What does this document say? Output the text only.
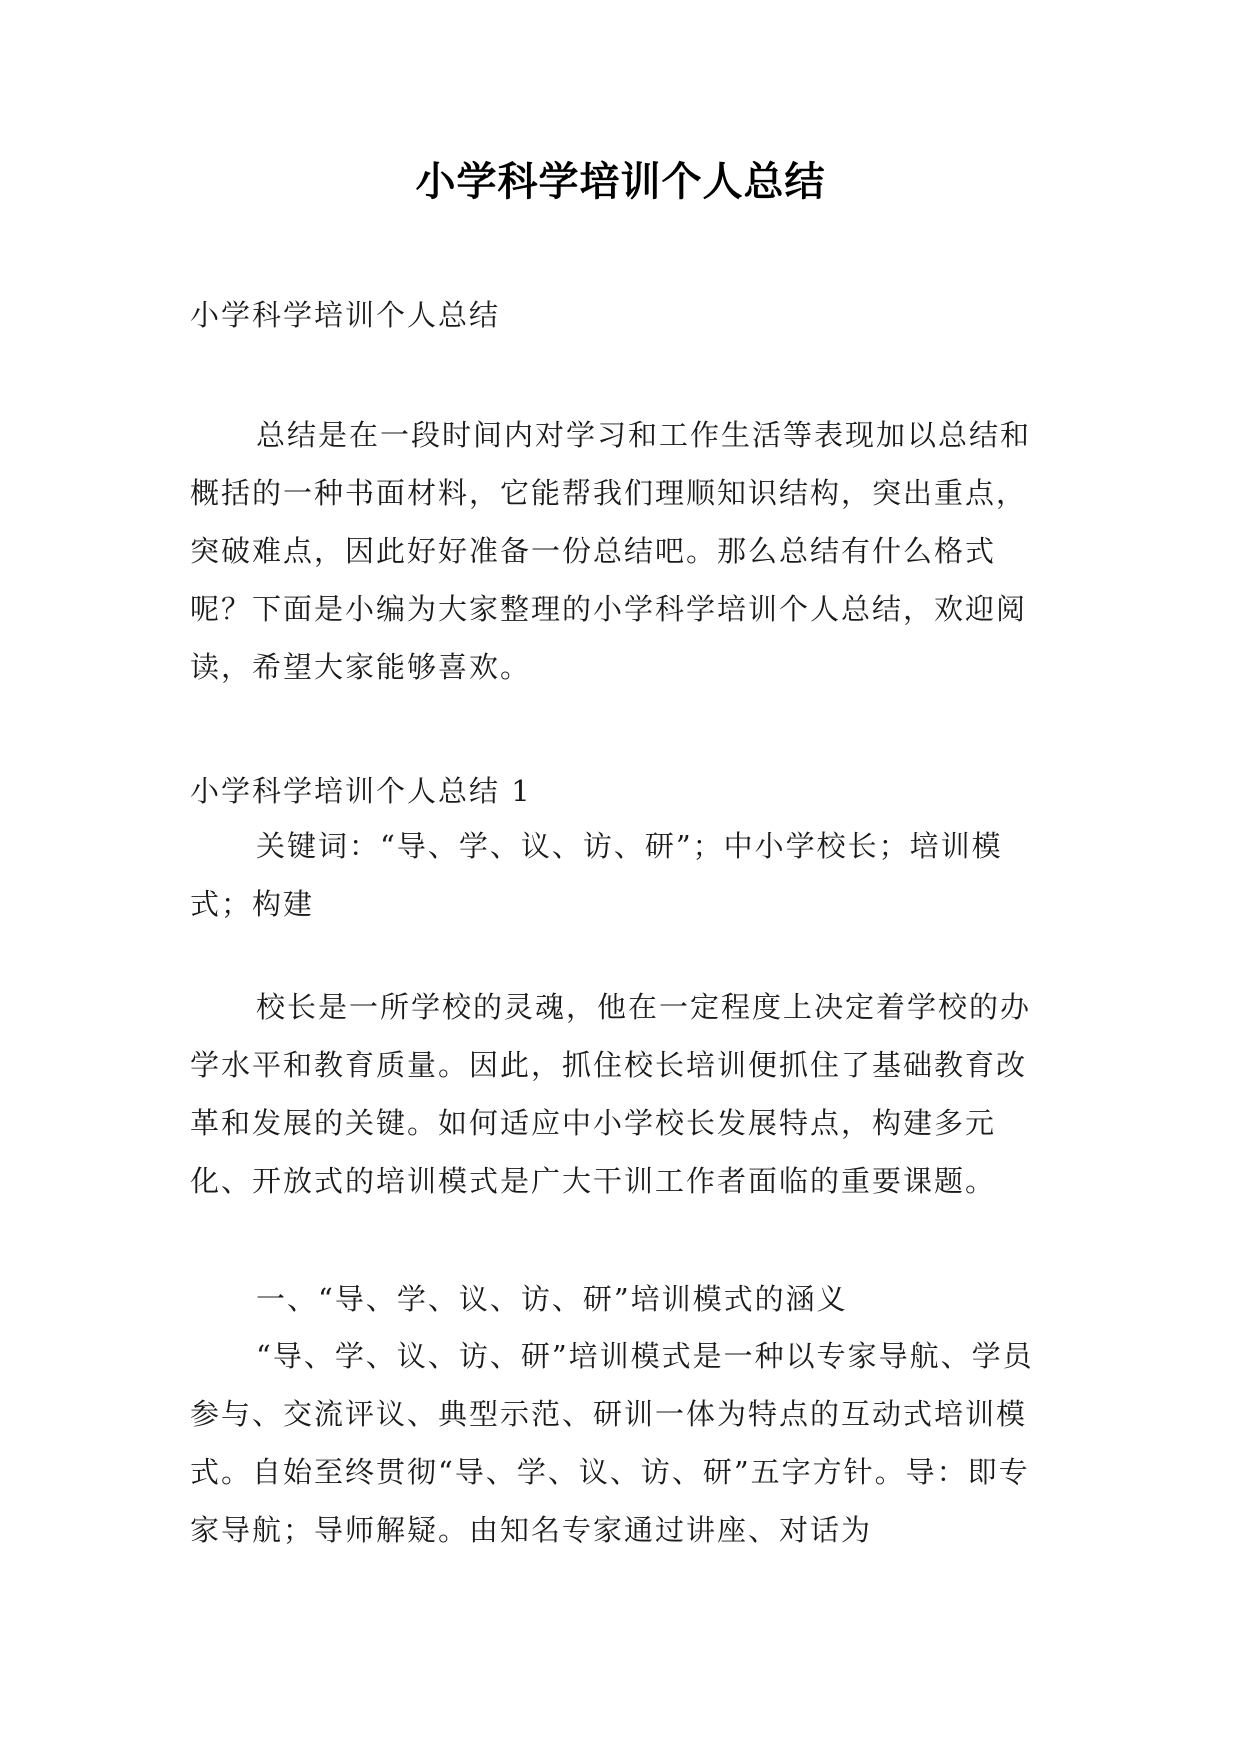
小学科学培训个人总结

小学科学培训个人总结

总结是在一段时间内对学习和工作生活等表现加以总结和概括的一种书面材料，它能帮我们理顺知识结构，突出重点，突破难点，因此好好准备一份总结吧。那么总结有什么格式呢？下面是小编为大家整理的小学科学培训个人总结，欢迎阅读，希望大家能够喜欢。

小学科学培训个人总结 1

关键词：“导、学、议、访、研”；中小学校长；培训模式；构建

校长是一所学校的灵魂，他在一定程度上决定着学校的办学水平和教育质量。因此，抓住校长培训便抓住了基础教育改革和发展的关键。如何适应中小学校长发展特点，构建多元化、开放式的培训模式是广大干训工作者面临的重要课题。

一、“导、学、议、访、研”培训模式的涵义

“导、学、议、访、研”培训模式是一种以专家导航、学员参与、交流评议、典型示范、研训一体为特点的互动式培训模式。自始至终贯彻“导、学、议、访、研”五字方针。导：即专家导航；导师解疑。由知名专家通过讲座、对话为
